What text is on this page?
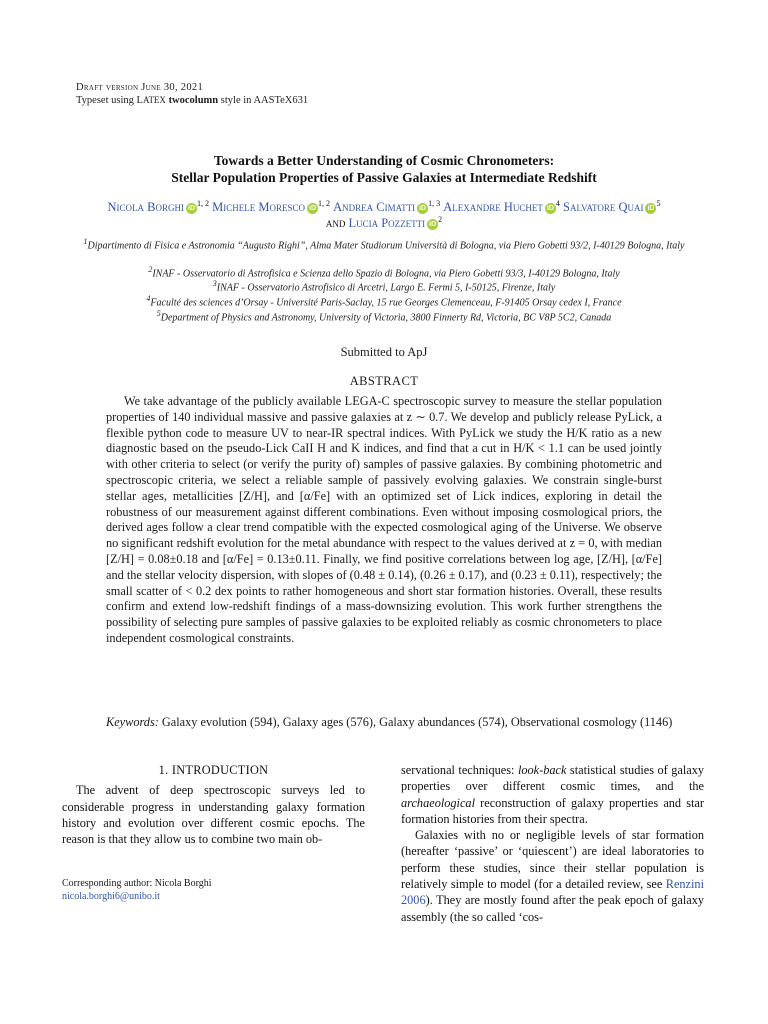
Draft version June 30, 2021
Typeset using LATEX twocolumn style in AASTeX631
Towards a Better Understanding of Cosmic Chronometers:
Stellar Population Properties of Passive Galaxies at Intermediate Redshift
Nicola Borghi iD$^{1, 2}$ Michele Moresco iD$^{1, 2}$ Andrea Cimatti iD$^{1, 3}$ Alexandre Huchet $iD^4$ Salvatore Quai $iD^5$
and Lucia Pozzetti $iD^2$
$^1$Dipartimento di Fisica e Astronomia “Augusto Righi”, Alma Mater Studiorum Università di Bologna, via Piero Gobetti 93/2, I-40129 Bologna, Italy
$^2$INAF - Osservatorio di Astrofisica e Scienza dello Spazio di Bologna, via Piero Gobetti 93/3, I-40129 Bologna, Italy
$^3$INAF - Osservatorio Astrofisico di Arcetri, Largo E. Fermi 5, I-50125, Firenze, Italy
$^4$Faculté des sciences d’Orsay - Université Paris-Saclay, 15 rue Georges Clemenceau, F-91405 Orsay cedex I, France
$^5$Department of Physics and Astronomy, University of Victoria, 3800 Finnerty Rd, Victoria, BC V8P 5C2, Canada
Submitted to ApJ
ABSTRACT
We take advantage of the publicly available LEGA-C spectroscopic survey to measure the stellar population properties of 140 individual massive and passive galaxies at z ∼ 0.7. We develop and publicly release PyLick, a flexible python code to measure UV to near-IR spectral indices. With PyLick we study the H/K ratio as a new diagnostic based on the pseudo-Lick CaII H and K indices, and find that a cut in H/K < 1.1 can be used jointly with other criteria to select (or verify the purity of) samples of passive galaxies. By combining photometric and spectroscopic criteria, we select a reliable sample of passively evolving galaxies. We constrain single-burst stellar ages, metallicities [Z/H], and [α/Fe] with an optimized set of Lick indices, exploring in detail the robustness of our measurement against different combinations. Even without imposing cosmological priors, the derived ages follow a clear trend compatible with the expected cosmological aging of the Universe. We observe no significant redshift evolution for the metal abundance with respect to the values derived at z = 0, with median [Z/H] = 0.08±0.18 and [α/Fe] = 0.13±0.11. Finally, we find positive correlations between log age, [Z/H], [α/Fe] and the stellar velocity dispersion, with slopes of (0.48 ± 0.14), (0.26 ± 0.17), and (0.23 ± 0.11), respectively; the small scatter of < 0.2 dex points to rather homogeneous and short star formation histories. Overall, these results confirm and extend low-redshift findings of a mass-downsizing evolution. This work further strengthens the possibility of selecting pure samples of passive galaxies to be exploited reliably as cosmic chronometers to place independent cosmological constraints.
Keywords: Galaxy evolution (594), Galaxy ages (576), Galaxy abundances (574), Observational cosmology (1146)
1. INTRODUCTION

The advent of deep spectroscopic surveys led to considerable progress in understanding galaxy formation history and evolution over different cosmic epochs. The reason is that they allow us to combine two main ob-

Corresponding author: Nicola Borghi
nicola.borghi6@unibo.it

servational techniques: look-back statistical studies of galaxy properties over different cosmic times, and the archaeological reconstruction of galaxy properties and star formation histories from their spectra.

Galaxies with no or negligible levels of star formation (hereafter ‘passive’ or ‘quiescent’) are ideal laboratories to perform these studies, since their stellar population is relatively simple to model (for a detailed review, see Renzini 2006). They are mostly found after the peak epoch of galaxy assembly (the so called ‘cos-
